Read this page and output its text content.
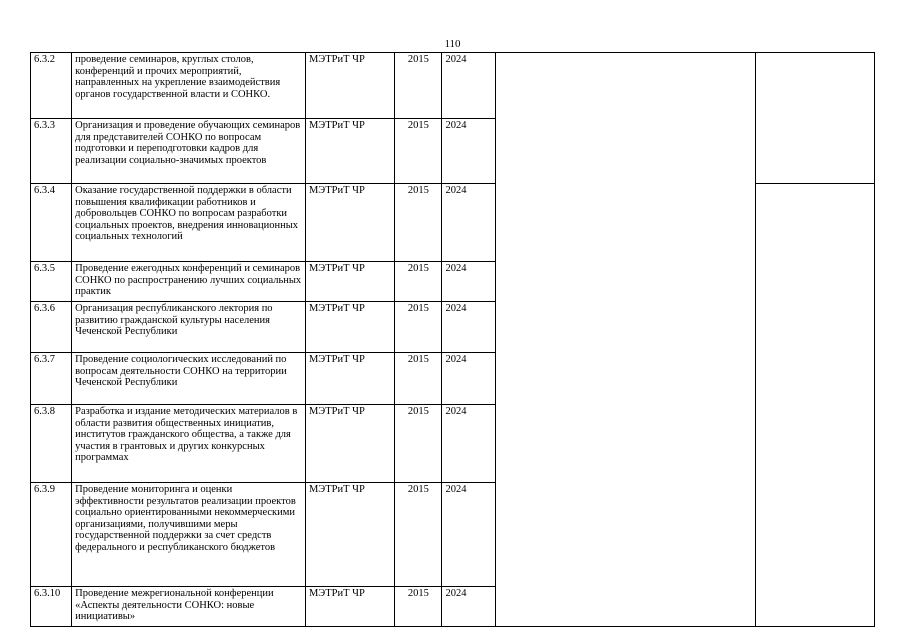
110
6.3.2	проведение семинаров, круглых столов, конференций и прочих мероприятий, направленных на укрепление взаимодействия органов государственной власти и СОНКО.	МЭТРиТ ЧР	2015	2024		
6.3.3	Организация и проведение обучающих семинаров для представителей СОНКО по вопросам подготовки и переподготовки кадров для реализации социально-значимых проектов	МЭТРиТ ЧР	2015	2024		
6.3.4	Оказание государственной поддержки в области повышения квалификации работников и добровольцев СОНКО по вопросам разработки социальных проектов, внедрения инновационных социальных технологий	МЭТРиТ ЧР	2015	2024		
6.3.5	Проведение ежегодных конференций и семинаров СОНКО по распространению лучших социальных практик	МЭТРиТ ЧР	2015	2024		
6.3.6	Организация республиканского лектория по развитию гражданской культуры населения Чеченской Республики	МЭТРиТ ЧР	2015	2024		
6.3.7	Проведение социологических исследований по вопросам деятельности СОНКО на территории Чеченской Республики	МЭТРиТ ЧР	2015	2024		
6.3.8	Разработка и издание методических материалов в области развития общественных инициатив, институтов гражданского общества, а также для участия в грантовых и других конкурсных программах	МЭТРиТ ЧР	2015	2024		
6.3.9	Проведение мониторинга и оценки эффективности результатов реализации проектов социально ориентированными некоммерческими организациями, получившими меры государственной поддержки за счет средств федерального и республиканского бюджетов	МЭТРиТ ЧР	2015	2024		
6.3.10	Проведение межрегиональной конференции «Аспекты деятельности СОНКО: новые инициативы»	МЭТРиТ ЧР	2015	2024		
